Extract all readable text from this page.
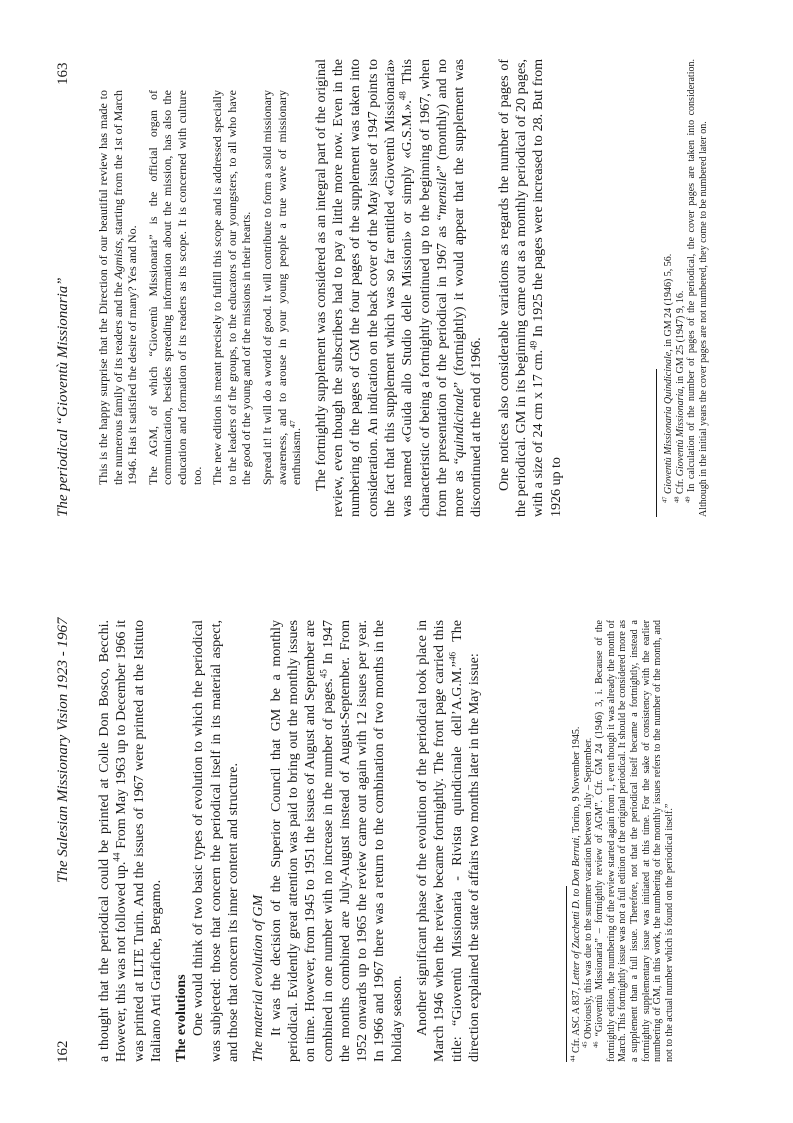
162
The Salesian Missionary Vision 1923 - 1967 a thought that the periodical could be printed at Colle Don Bosco, Becchi. However, this was not followed up.$^{44}$ From May 1963 up to December 1966 it was printed at ILTE Turin. And the issues of 1967 were printed at the Istituto Italiano Arti Grafiche, Bergamo. The evolutions One would think of two basic types of evolution to which the periodical was subjected: those that concern the periodical itself in its material aspect, and those that concern its inner content and structure. The material evolution of GM It was the decision of the Superior Council that GM be a monthly periodical. Evidently great attention was paid to bring out the monthly issues on time. However, from 1945 to 1951 the issues of August and September are combined in one number with no increase in the number of pages.$^{45}$ In 1947 the months combined are July-August instead of August-September. From 1952 onwards up to 1965 the review came out again with 12 issues per year. In 1966 and 1967 there was a return to the combination of two months in the holiday season. Another significant phase of the evolution of the periodical took place in March 1946 when the review became fortnightly. The front page carried this title: “Gioventù Missionaria - Rivista quindicinale dell’A.G.M.”$^{46}$ The direction explained the state of affairs two months later in the May issue:	$^{44}$ Cfr. ASC A 837, Letter of Zucchetti D. to Don Berruti, Torino, 9 November 1945.

$^{45}$ Obviously, this was due to the summer vacation between July – September.

$^{46}$ “Gioventù Missionaria” – fortnightly review of AGM”. Cfr. GM 24 (1946) 3, i. Because of the fortnightly edition, the numbering of the review started again from 1, even though it was already the month of March. This fortnightly issue was not a full edition of the original periodical. It should be considered more as a supplement than a full issue. Therefore, not that the periodical itself became a fortnightly, instead a fortnightly supplementary issue was initiated at this time. For the sake of consistency with the earlier numbering of GM, in this work, the numbering of the monthly issues refers to the number of the month, and not to the actual number which is found on the periodical itself.”

The periodical “Gioventù Missionaria”
163

This is the happy surprise that the Direction of our beautiful review has made to the numerous family of its readers and the Agmists, starting from the 1st of March 1946. Has it satisfied the desire of many? Yes and No. The AGM, of which “Gioventù Missionaria” is the official organ of communication, besides spreading information about the mission, has also the education and formation of its readers as its scope. It is concerned with culture too. The new edition is meant precisely to fulfill this scope and is addressed specially to the leaders of the groups, to the educators of our youngsters, to all who have the good of the young and of the missions in their hearts. Spread it! It will do a world of good. It will contribute to form a solid missionary awareness, and to arouse in your young people a true wave of missionary enthusiasm.$^{47}$	The fortnightly supplement was considered as an integral part of the original review, even though the subscribers had to pay a little more now. Even in the numbering of the pages of GM the four pages of the supplement was taken into consideration. An indication on the back cover of the May issue of 1947 points to the fact that this supplement which was so far entitled «Gioventù Missionaria» was named «Guida allo Studio delle Missioni» or simply «G.S.M.».$^{48}$ This characteristic of being a fortnightly continued up to the beginning of 1967, when from the presentation of the periodical in 1967 as “mensile” (monthly) and no more as “quindicinale” (fortnightly) it would appear that the supplement was discontinued at the end of 1966. One notices also considerable variations as regards the number of pages of the periodical. GM in its beginning came out as a monthly periodical of 20 pages, with a size of 24 cm x 17 cm.$^{49}$ In 1925 the pages were increased to 28. But from 1926 up to	$^{47}$ Gioventù Missionaria Quindicinale, in GM 24 (1946) 5, 56.

$^{48}$ Cfr. Gioventù Missionaria, in GM 25 (1947) 9, 16.

$^{49}$ In calculation of the number of pages of the periodical, the cover pages are taken into consideration. Although in the initial years the cover pages are not numbered, they come to be numbered later on.
